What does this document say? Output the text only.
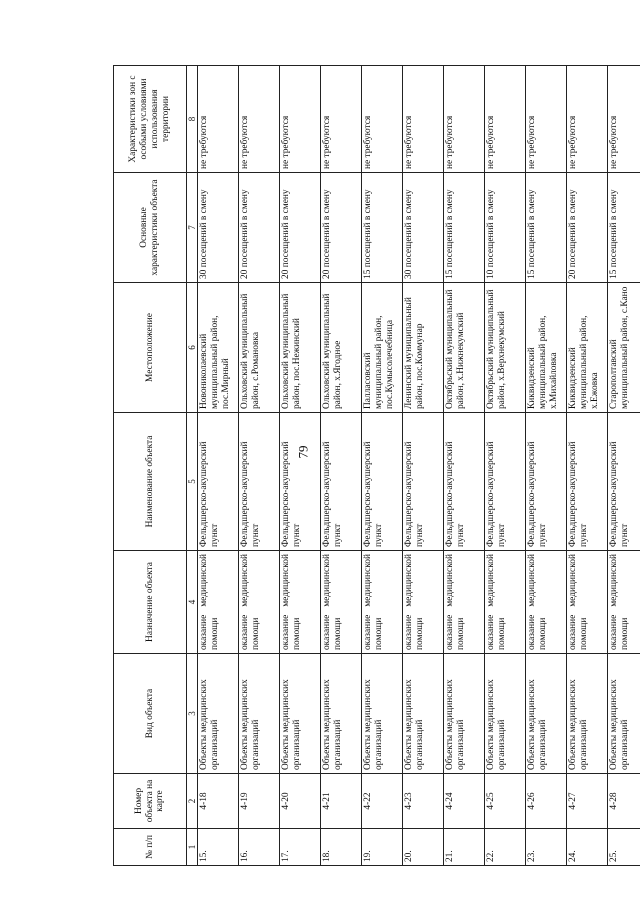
79
№ п/п	Номер объекта на карте	Вид объекта	Назначение объекта	Наименование объекта	Местоположение	Основные характеристики объекта	Характеристики зон с особыми условиями использования территории
1	2	3	4	5	6	7	8
15.	4-18	Объекты медицинских организаций	оказание медицинской помощи	Фельдшерско-акушерский пункт	Новониколаевский муниципальный район, пос.Мирный	30 посещений в смену	не требуются
16.	4-19	Объекты медицинских организаций	оказание медицинской помощи	Фельдшерско-акушерский пункт	Ольховский муниципальный район, с.Романовка	20 посещений в смену	не требуются
17.	4-20	Объекты медицинских организаций	оказание медицинской помощи	Фельдшерско-акушерский пункт	Ольховский муниципальный район, пос.Нежинский	20 посещений в смену	не требуются
18.	4-21	Объекты медицинских организаций	оказание медицинской помощи	Фельдшерско-акушерский пункт	Ольховский муниципальный район, х.Ягодное	20 посещений в смену	не требуются
19.	4-22	Объекты медицинских организаций	оказание медицинской помощи	Фельдшерско-акушерский пункт	Палласовский муниципальный район, пос.Кумысолечебница	15 посещений в смену	не требуются
20.	4-23	Объекты медицинских организаций	оказание медицинской помощи	Фельдшерско-акушерский пункт	Ленинский муниципальный район, пос.Коммунар	30 посещений в смену	не требуются
21.	4-24	Объекты медицинских организаций	оказание медицинской помощи	Фельдшерско-акушерский пункт	Октябрьский муниципальный район, х.Нижнекумский	15 посещений в смену	не требуются
22.	4-25	Объекты медицинских организаций	оказание медицинской помощи	Фельдшерско-акушерский пункт	Октябрьский муниципальный район, х.Верхнекумский	10 посещений в смену	не требуются
23.	4-26	Объекты медицинских организаций	оказание медицинской помощи	Фельдшерско-акушерский пункт	Киквидзенский муниципальный район, х.Михайловка	15 посещений в смену	не требуются
24.	4-27	Объекты медицинских организаций	оказание медицинской помощи	Фельдшерско-акушерский пункт	Киквидзенский муниципальный район, х.Ежовка	20 посещений в смену	не требуются
25.	4-28	Объекты медицинских организаций	оказание медицинской помощи	Фельдшерско-акушерский пункт	Старополтавский муниципальный район, с.Кано	15 посещений в смену	не требуются
